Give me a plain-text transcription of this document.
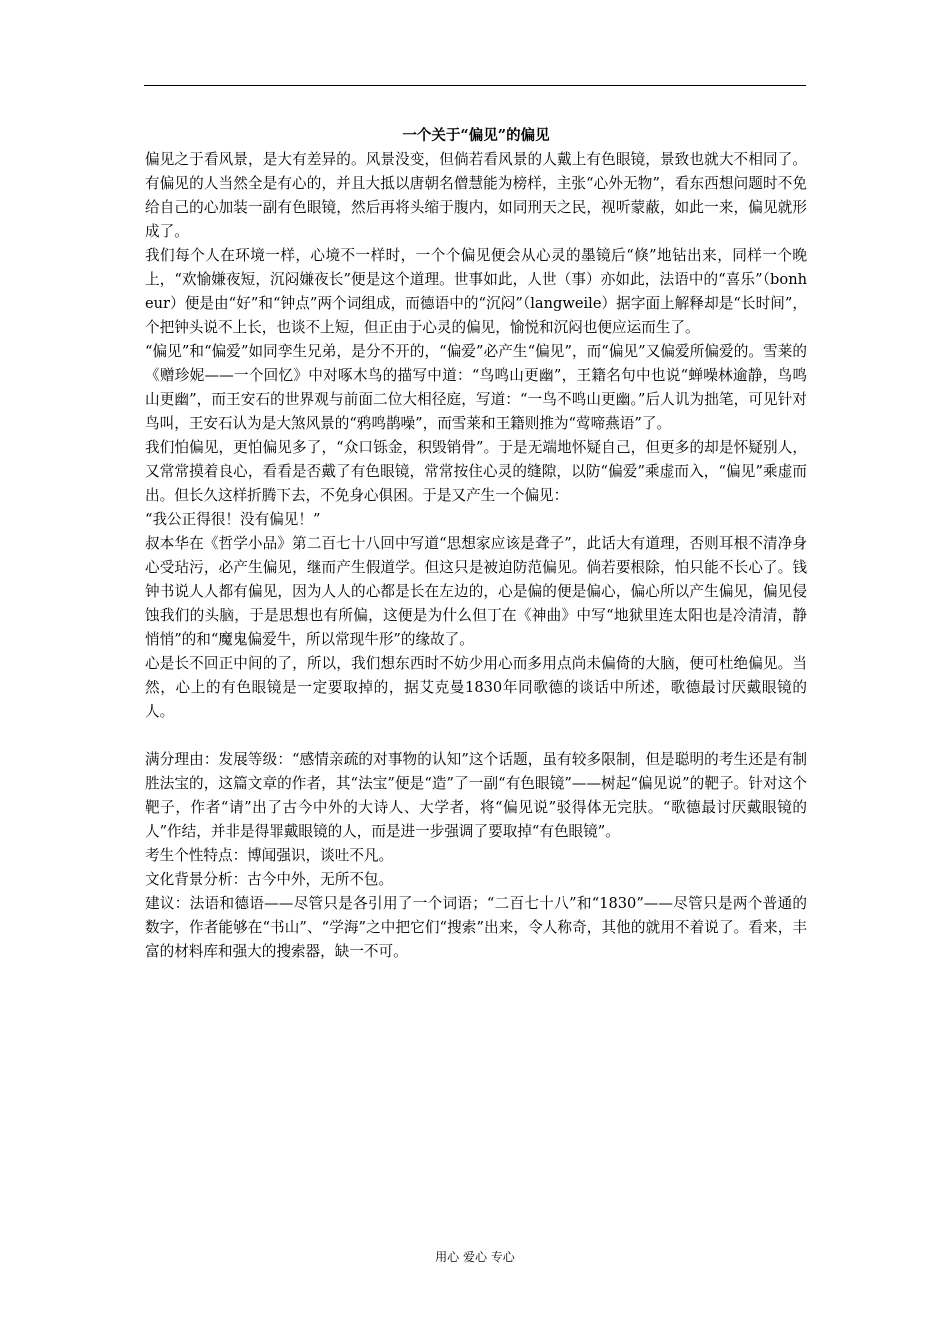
一个关于“偏见”的偏见

偏见之于看风景，是大有差异的。风景没变，但倘若看风景的人戴上有色眼镜，景致也就大不相同了。有偏见的人当然全是有心的，并且大抵以唐朝名僧慧能为榜样，主张“心外无物”，看东西想问题时不免给自己的心加装一副有色眼镜，然后再将头缩于腹内，如同刑天之民，视听蒙蔽，如此一来，偏见就形成了。

我们每个人在环境一样，心境不一样时，一个个偏见便会从心灵的墨镜后“倏”地钻出来，同样一个晚上，“欢愉嫌夜短，沉闷嫌夜长”便是这个道理。世事如此，人世（事）亦如此，法语中的“喜乐”（bonheur）便是由“好”和“钟点”两个词组成，而德语中的“沉闷”（langweile）据字面上解释却是“长时间”，个把钟头说不上长，也谈不上短，但正由于心灵的偏见，愉悦和沉闷也便应运而生了。

“偏见”和“偏爱”如同孪生兄弟，是分不开的，“偏爱”必产生“偏见”，而“偏见”又偏爱所偏爱的。雪莱的《赠珍妮——一个回忆》中对啄木鸟的描写中道：“鸟鸣山更幽”，王籍名句中也说“蝉噪林逾静，鸟鸣山更幽”，而王安石的世界观与前面二位大相径庭，写道：“一鸟不鸣山更幽。”后人讥为拙笔，可见针对鸟叫，王安石认为是大煞风景的“鸦鸣鹊噪”，而雪莱和王籍则推为“莺啼燕语”了。

我们怕偏见，更怕偏见多了，“众口铄金，积毁销骨”。于是无端地怀疑自己，但更多的却是怀疑别人，又常常摸着良心，看看是否戴了有色眼镜，常常按住心灵的缝隙，以防“偏爱”乘虚而入，“偏见”乘虚而出。但长久这样折腾下去，不免身心俱困。于是又产生一个偏见：

“我公正得很！没有偏见！”

叔本华在《哲学小品》第二百七十八回中写道“思想家应该是聋子”，此话大有道理，否则耳根不清净身心受玷污，必产生偏见，继而产生假道学。但这只是被迫防范偏见。倘若要根除，怕只能不长心了。钱钟书说人人都有偏见，因为人人的心都是长在左边的，心是偏的便是偏心，偏心所以产生偏见，偏见侵蚀我们的头脑，于是思想也有所偏，这便是为什么但丁在《神曲》中写“地狱里连太阳也是冷清清，静悄悄”的和“魔鬼偏爱牛，所以常现牛形”的缘故了。

心是长不回正中间的了，所以，我们想东西时不妨少用心而多用点尚未偏倚的大脑，便可杜绝偏见。当然，心上的有色眼镜是一定要取掉的，据艾克曼1830年同歌德的谈话中所述，歌德最讨厌戴眼镜的人。

满分理由：发展等级：“感情亲疏的对事物的认知”这个话题，虽有较多限制，但是聪明的考生还是有制胜法宝的，这篇文章的作者，其“法宝”便是“造”了一副“有色眼镜”——树起“偏见说”的靶子。针对这个靶子，作者“请”出了古今中外的大诗人、大学者，将“偏见说”驳得体无完肤。“歌德最讨厌戴眼镜的人”作结，并非是得罪戴眼镜的人，而是进一步强调了要取掉“有色眼镜”。

考生个性特点：博闻强识，谈吐不凡。

文化背景分析：古今中外，无所不包。

建议：法语和德语——尽管只是各引用了一个词语；“二百七十八”和“1830”——尽管只是两个普通的数字，作者能够在“书山”、“学海”之中把它们“搜索”出来，令人称奇，其他的就用不着说了。看来，丰富的材料库和强大的搜索器，缺一不可。

用心 爱心 专心
